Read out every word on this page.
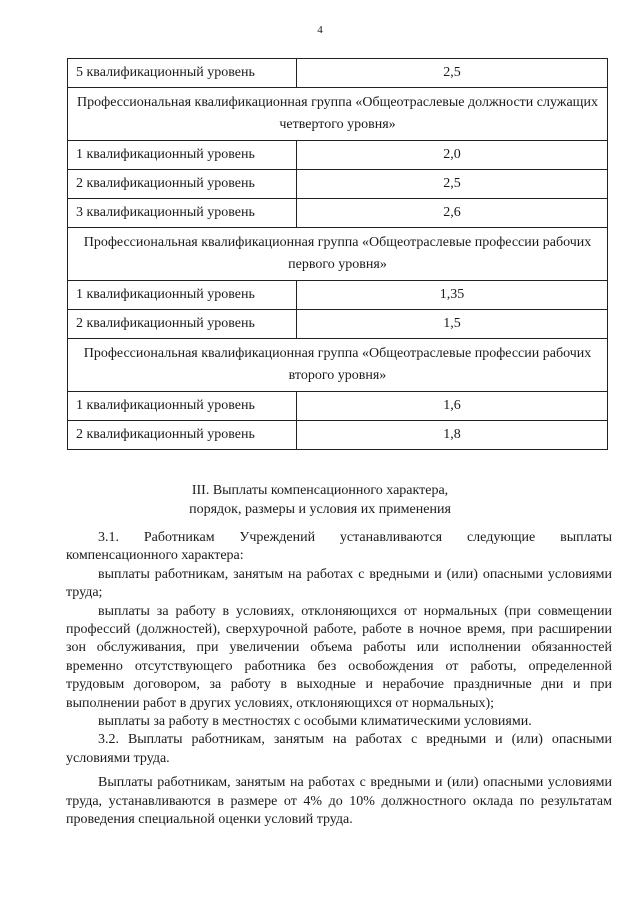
4
5 квалификационный уровень	2,5
Профессиональная квалификационная группа «Общеотраслевые должности служащих четвертого уровня»	
1 квалификационный уровень	2,0
2 квалификационный уровень	2,5
3 квалификационный уровень	2,6
Профессиональная квалификационная группа «Общеотраслевые профессии рабочих первого уровня»	
1 квалификационный уровень	1,35
2 квалификационный уровень	1,5
Профессиональная квалификационная группа «Общеотраслевые профессии рабочих второго уровня»	
1 квалификационный уровень	1,6
2 квалификационный уровень	1,8
III. Выплаты компенсационного характера,
порядок, размеры и условия их применения

3.1. Работникам Учреждений устанавливаются следующие выплаты компенсационного характера:

выплаты работникам, занятым на работах с вредными и (или) опасными условиями труда;

выплаты за работу в условиях, отклоняющихся от нормальных (при совмещении профессий (должностей), сверхурочной работе, работе в ночное время, при расширении зон обслуживания, при увеличении объема работы или исполнении обязанностей временно отсутствующего работника без освобождения от работы, определенной трудовым договором, за работу в выходные и нерабочие праздничные дни и при выполнении работ в других условиях, отклоняющихся от нормальных);

выплаты за работу в местностях с особыми климатическими условиями.

3.2. Выплаты работникам, занятым на работах с вредными и (или) опасными условиями труда.

Выплаты работникам, занятым на работах с вредными и (или) опасными условиями труда, устанавливаются в размере от 4% до 10% должностного оклада по результатам проведения специальной оценки условий труда.
